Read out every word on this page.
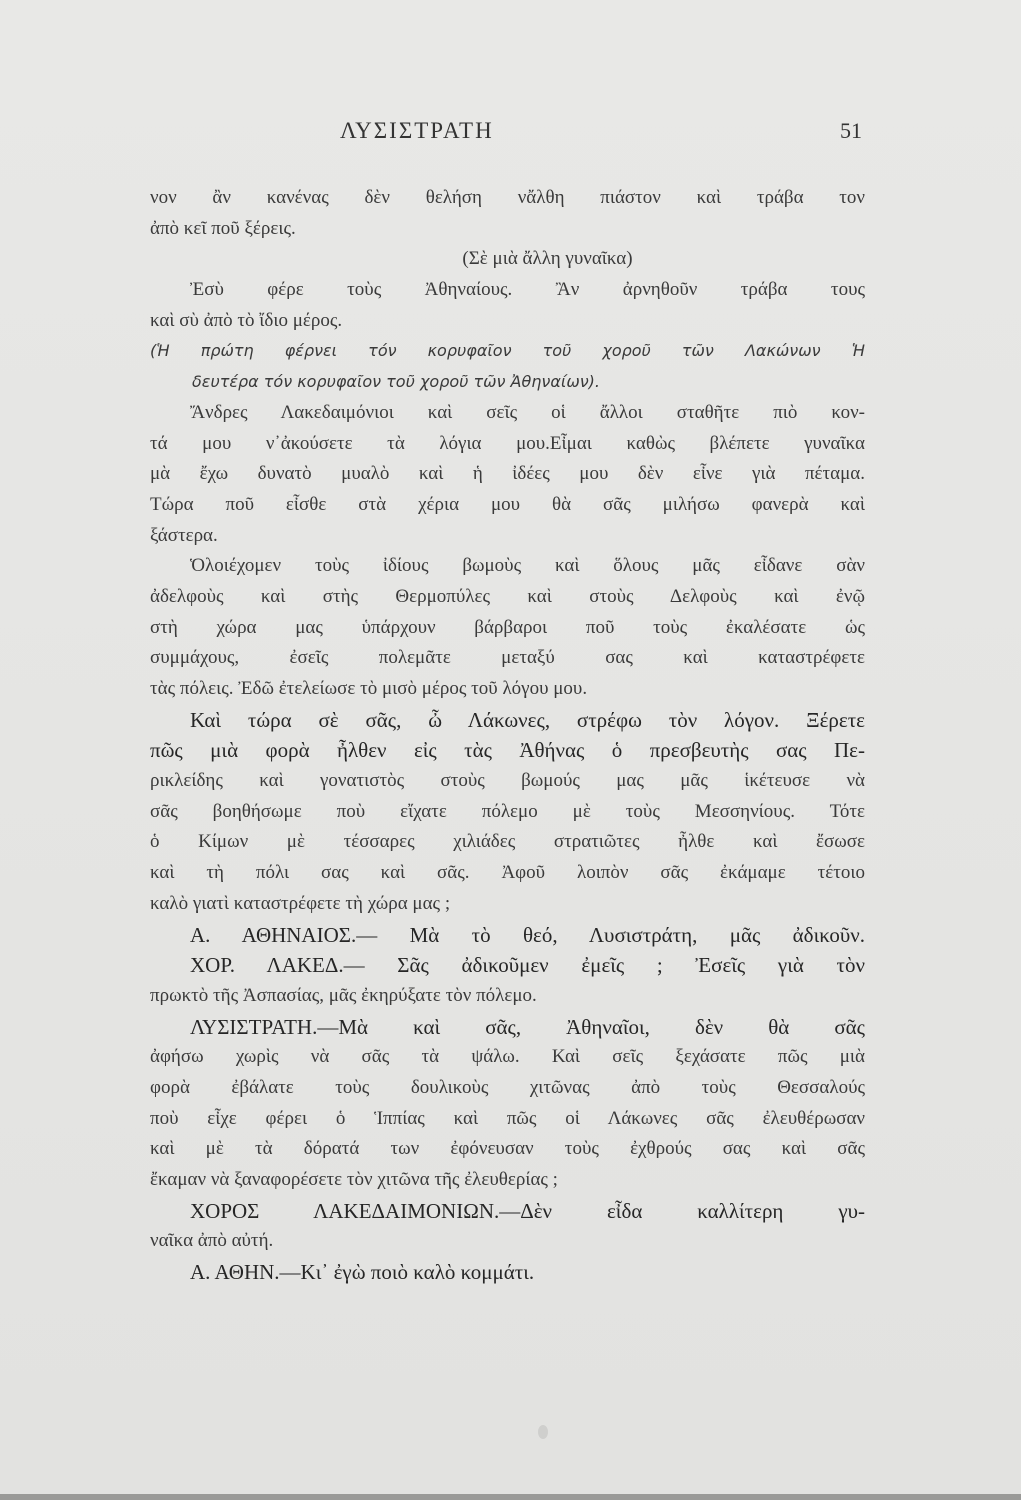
ΛΥΣΙΣΤΡΑΤΗ	51
νον ἂν κανένας δὲν θελήση νἄλθη πιάστον καὶ τράβα τον
ἀπὸ κεῖ ποῦ ξέρεις.
(Σὲ μιὰ ἄλλη γυναῖκα)
Ἐσὺ φέρε τοὺς Ἀθηναίους. Ἂν ἀρνηθοῦν τράβα τους
καὶ σὺ ἀπὸ τὸ ἴδιο μέρος.
(Ἡ πρώτη φέρνει τόν κορυφαῖον τοῦ χοροῦ τῶν Λακώνων Ἡ
δευτέρα τόν κορυφαῖον τοῦ χοροῦ τῶν Ἀθηναίων).
Ἄνδρες Λακεδαιμόνιοι καὶ σεῖς οἱ ἄλλοι σταθῆτε πιὸ κον-
τά μου ν᾽ἀκούσετε τὰ λόγια μου.Εἶμαι καθὼς βλέπετε γυναῖκα
μὰ ἔχω δυνατὸ μυαλὸ καὶ ἡ ἰδέες μου δὲν εἶνε γιὰ πέταμα.
Τώρα ποῦ εἶσθε στὰ χέρια μου θὰ σᾶς μιλήσω φανερὰ καὶ
ξάστερα.
Ὁλοιέχομεν τοὺς ἰδίους βωμοὺς καὶ ὅλους μᾶς εἶδανε σὰν
ἀδελφοὺς καὶ στὴς Θερμοπύλες καὶ στοὺς Δελφοὺς καὶ ἐνῷ
στὴ χώρα μας ὑπάρχουν βάρβαροι ποῦ τοὺς ἐκαλέσατε ὡς
συμμάχους, ἐσεῖς πολεμᾶτε μεταξύ σας καὶ καταστρέφετε
τὰς πόλεις. Ἐδῶ ἐτελείωσε τὸ μισὸ μέρος τοῦ λόγου μου.
Καὶ τώρα σὲ σᾶς, ὦ Λάκωνες, στρέφω τὸν λόγον. Ξέρετε
πῶς μιὰ φορὰ ἦλθεν εἰς τὰς Ἀθήνας ὁ πρεσβευτὴς σας Πε-
ρικλείδης καὶ γονατιστὸς στοὺς βωμούς μας μᾶς ἱκέτευσε νὰ
σᾶς βοηθήσωμε ποὺ εἴχατε πόλεμο μὲ τοὺς Μεσσηνίους. Τότε
ὁ Κίμων μὲ τέσσαρες χιλιάδες στρατιῶτες ἦλθε καὶ ἔσωσε
καὶ τὴ πόλι σας καὶ σᾶς. Ἀφοῦ λοιπὸν σᾶς ἐκάμαμε τέτοιο
καλὸ γιατὶ καταστρέφετε τὴ χώρα μας ;
Α. ΑΘΗΝΑΙΟΣ.— Μὰ τὸ θεό, Λυσιστράτη, μᾶς ἀδικοῦν.
ΧΟΡ. ΛΑΚΕΔ.— Σᾶς ἀδικοῦμεν ἐμεῖς ; Ἐσεῖς γιὰ τὸν
πρωκτὸ τῆς Ἀσπασίας, μᾶς ἐκηρύξατε τὸν πόλεμο.
ΛΥΣΙΣΤΡΑΤΗ.—Μὰ καὶ σᾶς, Ἀθηναῖοι, δὲν θὰ σᾶς
ἀφήσω χωρὶς νὰ σᾶς τὰ ψάλω. Καὶ σεῖς ξεχάσατε πῶς μιὰ
φορὰ ἐβάλατε τοὺς δουλικοὺς χιτῶνας ἀπὸ τοὺς Θεσσαλούς
ποὺ εἶχε φέρει ὁ Ἱππίας καὶ πῶς οἱ Λάκωνες σᾶς ἐλευθέρωσαν
καὶ μὲ τὰ δόρατά των ἐφόνευσαν τοὺς ἐχθρούς σας καὶ σᾶς
ἔκαμαν νὰ ξαναφορέσετε τὸν χιτῶνα τῆς ἐλευθερίας ;
ΧΟΡΟΣ ΛΑΚΕΔΑΙΜΟΝΙΩΝ.—Δὲν εἶδα καλλίτερη γυ-
ναῖκα ἀπὸ αὐτή.
Α. ΑΘΗΝ.—Κι᾽ ἐγὼ ποιὸ καλὸ κομμάτι.
